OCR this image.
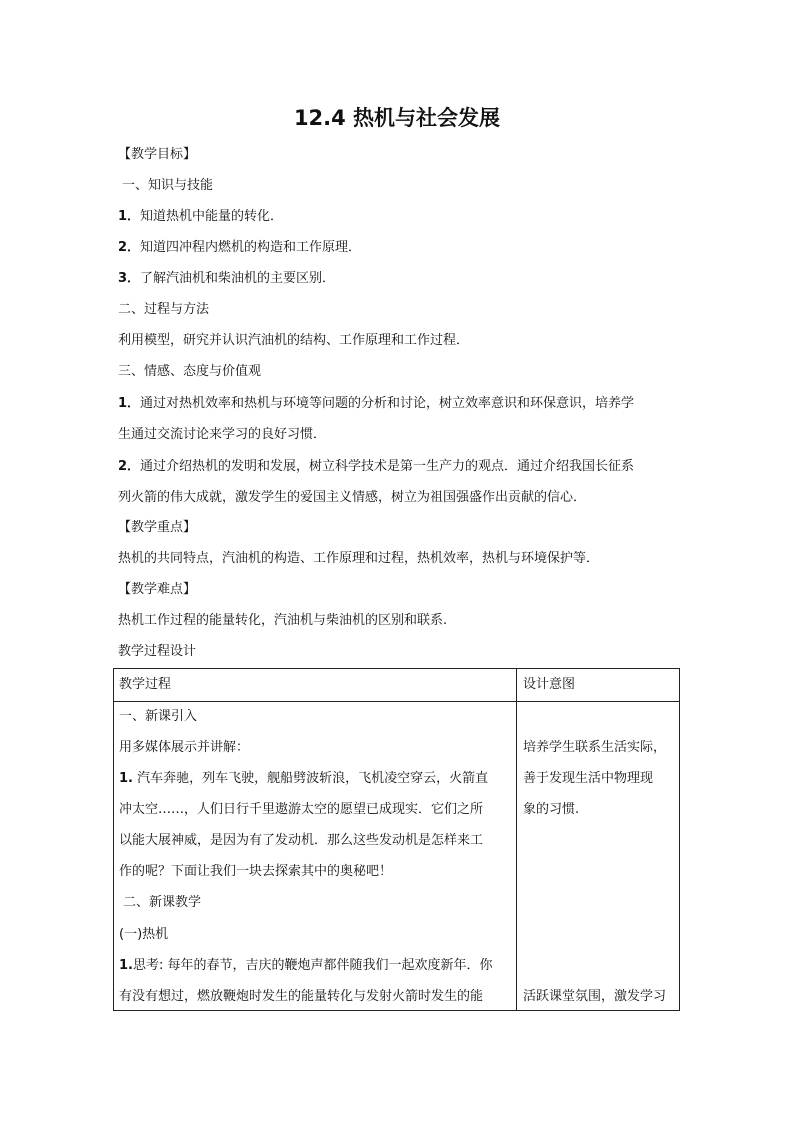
12.4 热机与社会发展
【教学目标】
一、知识与技能
1．知道热机中能量的转化．
2．知道四冲程内燃机的构造和工作原理．
3．了解汽油机和柴油机的主要区别．
二、过程与方法
利用模型，研究并认识汽油机的结构、工作原理和工作过程．
三、情感、态度与价值观
1．通过对热机效率和热机与环境等问题的分析和讨论，树立效率意识和环保意识，培养学
生通过交流讨论来学习的良好习惯．
2．通过介绍热机的发明和发展，树立科学技术是第一生产力的观点．通过介绍我国长征系
列火箭的伟大成就，激发学生的爱国主义情感，树立为祖国强盛作出贡献的信心．
【教学重点】
热机的共同特点，汽油机的构造、工作原理和过程，热机效率，热机与环境保护等．
【教学难点】
热机工作过程的能量转化，汽油机与柴油机的区别和联系.
教学过程设计
教学过程	设计意图
一、新课引入
用多媒体展示并讲解：
1. 汽车奔驰，列车飞驶，舰船劈波斩浪，飞机凌空穿云，火箭直
冲太空……，人们日行千里遨游太空的愿望已成现实．它们之所
以能大展神威，是因为有了发动机．那么这些发动机是怎样来工
作的呢？下面让我们一块去探索其中的奥秘吧！
二、新课教学
(一)热机
1.思考: 每年的春节，吉庆的鞭炮声都伴随我们一起欢度新年．你
有没有想过，燃放鞭炮时发生的能量转化与发射火箭时发生的能
培养学生联系生活实际，
善于发现生活中物理现
象的习惯.
活跃课堂氛围，激发学习
